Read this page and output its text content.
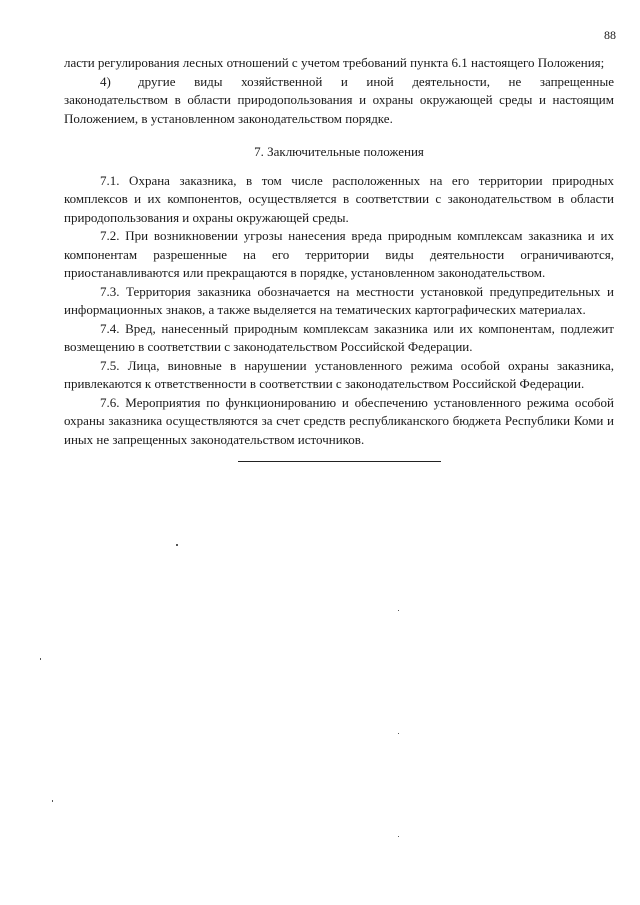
88

ласти регулирования лесных отношений с учетом требований пункта 6.1 настоящего Положения;

4) другие виды хозяйственной и иной деятельности, не запрещенные законодательством в области природопользования и охраны окружающей среды и настоящим Положением, в установленном законодательством порядке.

7. Заключительные положения

7.1. Охрана заказника, в том числе расположенных на его территории природных комплексов и их компонентов, осуществляется в соответствии с законодательством в области природопользования и охраны окружающей среды.

7.2. При возникновении угрозы нанесения вреда природным комплексам заказника и их компонентам разрешенные на его территории виды деятельности ограничиваются, приостанавливаются или прекращаются в порядке, установленном законодательством.

7.3. Территория заказника обозначается на местности установкой предупредительных и информационных знаков, а также выделяется на тематических картографических материалах.

7.4. Вред, нанесенный природным комплексам заказника или их компонентам, подлежит возмещению в соответствии с законодательством Российской Федерации.

7.5. Лица, виновные в нарушении установленного режима особой охраны заказника, привлекаются к ответственности в соответствии с законодательством Российской Федерации.

7.6. Мероприятия по функционированию и обеспечению установленного режима особой охраны заказника осуществляются за счет средств республиканского бюджета Республики Коми и иных не запрещенных законодательством источников.
